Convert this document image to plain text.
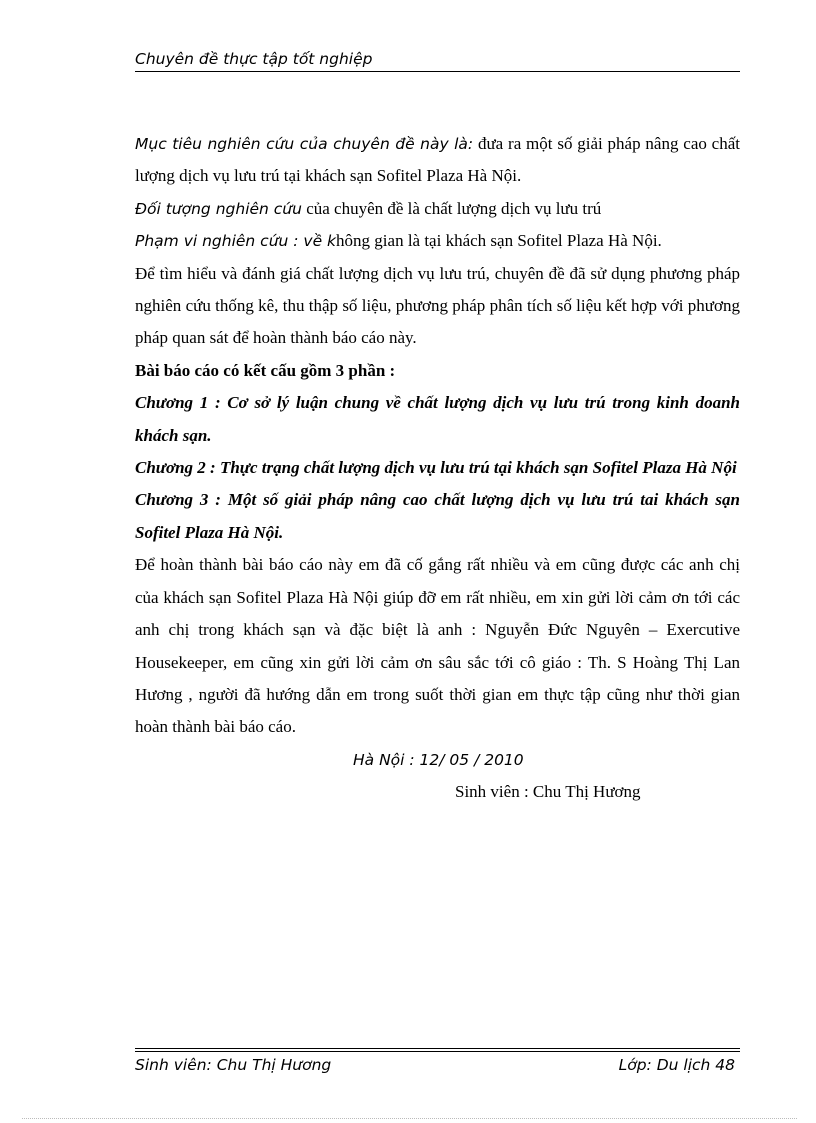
Chuyên đề thực tập tốt nghiệp

Mục tiêu nghiên cứu của chuyên đề này là: đưa ra một số giải pháp nâng cao chất lượng dịch vụ lưu trú tại khách sạn Sofitel Plaza Hà Nội.

Đối tượng nghiên cứu của chuyên đề là chất lượng dịch vụ lưu trú

Phạm vi nghiên cứu : về không gian là tại khách sạn Sofitel Plaza Hà Nội.

Để tìm hiểu và đánh giá chất lượng dịch vụ lưu trú, chuyên đề đã sử dụng phương pháp nghiên cứu thống kê, thu thập số liệu, phương pháp phân tích số liệu kết hợp với phương pháp quan sát để hoàn thành báo cáo này.

Bài báo cáo có kết cấu gồm 3 phần :

Chương 1 : Cơ sở lý luận chung về chất lượng dịch vụ lưu trú trong kinh doanh khách sạn.

Chương 2 : Thực trạng chất lượng dịch vụ lưu trú tại khách sạn Sofitel Plaza Hà Nội

Chương 3 : Một số giải pháp nâng cao chất lượng dịch vụ lưu trú tai khách sạn Sofitel Plaza Hà Nội.

Để hoàn thành bài báo cáo này em đã cố gắng rất nhiều và em cũng được các anh chị của khách sạn Sofitel Plaza Hà Nội giúp đỡ em rất nhiều, em xin gửi lời cảm ơn tới các anh chị trong khách sạn và đặc biệt là anh : Nguyễn Đức Nguyên – Exercutive Housekeeper, em cũng xin gửi lời cảm ơn sâu sắc tới cô giáo : Th. S Hoàng Thị Lan Hương , người đã hướng dẫn em trong suốt thời gian em thực tập cũng như thời gian hoàn thành bài báo cáo.

Hà Nội : 12/ 05 / 2010

Sinh viên : Chu Thị Hương

Sinh viên: Chu Thị Hương	Lớp: Du lịch 48
